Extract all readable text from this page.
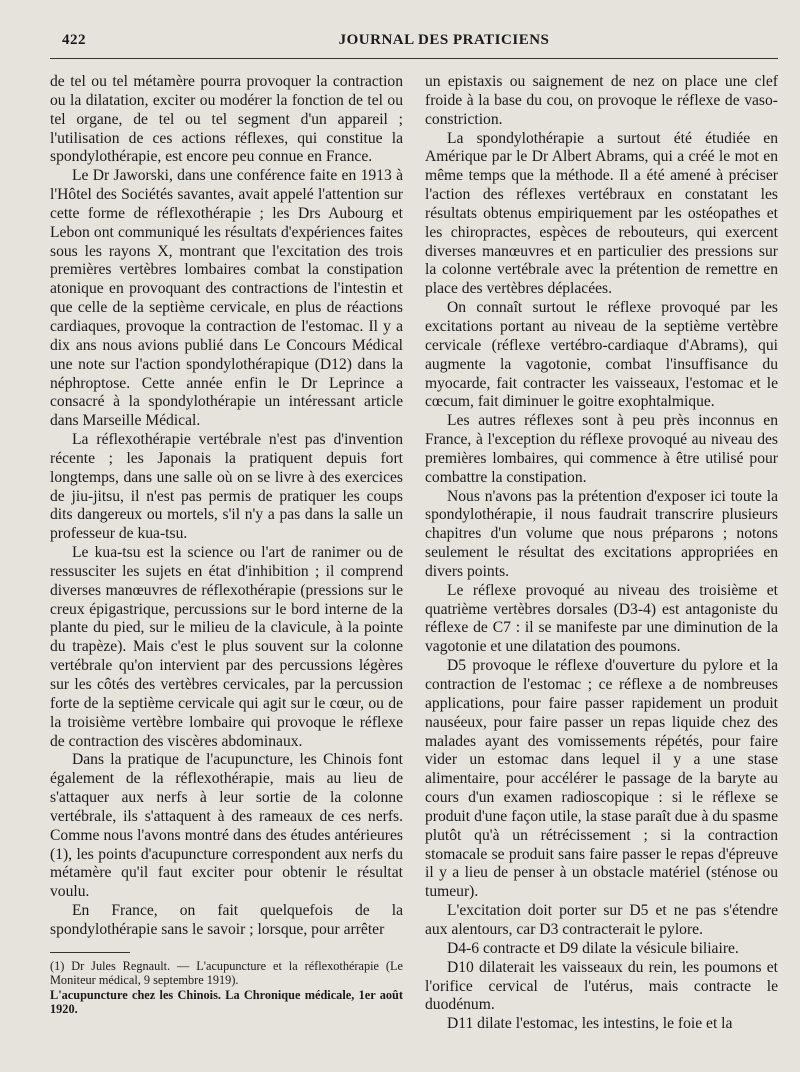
422	JOURNAL DES PRATICIENS

de tel ou tel métamère pourra provoquer la contraction ou la dilatation, exciter ou modérer la fonction de tel ou tel organe, de tel ou tel segment d'un appareil ; l'utilisation de ces actions réflexes, qui constitue la spondylothérapie, est encore peu connue en France.

Le Dr Jaworski, dans une conférence faite en 1913 à l'Hôtel des Sociétés savantes, avait appelé l'attention sur cette forme de réflexothérapie ; les Drs Aubourg et Lebon ont communiqué les résultats d'expériences faites sous les rayons X, montrant que l'excitation des trois premières vertèbres lombaires combat la constipation atonique en provoquant des contractions de l'intestin et que celle de la septième cervicale, en plus de réactions cardiaques, provoque la contraction de l'estomac. Il y a dix ans nous avions publié dans Le Concours Médical une note sur l'action spondylothérapique (D12) dans la néphroptose. Cette année enfin le Dr Leprince a consacré à la spondylothérapie un intéressant article dans Marseille Médical.

La réflexothérapie vertébrale n'est pas d'invention récente ; les Japonais la pratiquent depuis fort longtemps, dans une salle où on se livre à des exercices de jiu-jitsu, il n'est pas permis de pratiquer les coups dits dangereux ou mortels, s'il n'y a pas dans la salle un professeur de kua-tsu.

Le kua-tsu est la science ou l'art de ranimer ou de ressusciter les sujets en état d'inhibition ; il comprend diverses manœuvres de réflexothérapie (pressions sur le creux épigastrique, percussions sur le bord interne de la plante du pied, sur le milieu de la clavicule, à la pointe du trapèze). Mais c'est le plus souvent sur la colonne vertébrale qu'on intervient par des percussions légères sur les côtés des vertèbres cervicales, par la percussion forte de la septième cervicale qui agit sur le cœur, ou de la troisième vertèbre lombaire qui provoque le réflexe de contraction des viscères abdominaux.

Dans la pratique de l'acupuncture, les Chinois font également de la réflexothérapie, mais au lieu de s'attaquer aux nerfs à leur sortie de la colonne vertébrale, ils s'attaquent à des rameaux de ces nerfs. Comme nous l'avons montré dans des études antérieures (1), les points d'acupuncture correspondent aux nerfs du métamère qu'il faut exciter pour obtenir le résultat voulu.

En France, on fait quelquefois de la spondylothérapie sans le savoir ; lorsque, pour arrêter

(1) Dr Jules Regnault. — L'acupuncture et la réflexothérapie (Le Moniteur médical, 9 septembre 1919).

L'acupuncture chez les Chinois. La Chronique médicale, 1er août 1920.

un epistaxis ou saignement de nez on place une clef froide à la base du cou, on provoque le réflexe de vaso-constriction.

La spondylothérapie a surtout été étudiée en Amérique par le Dr Albert Abrams, qui a créé le mot en même temps que la méthode. Il a été amené à préciser l'action des réflexes vertébraux en constatant les résultats obtenus empiriquement par les ostéopathes et les chiropractes, espèces de rebouteurs, qui exercent diverses manœuvres et en particulier des pressions sur la colonne vertébrale avec la prétention de remettre en place des vertèbres déplacées.

On connaît surtout le réflexe provoqué par les excitations portant au niveau de la septième vertèbre cervicale (réflexe vertébro-cardiaque d'Abrams), qui augmente la vagotonie, combat l'insuffisance du myocarde, fait contracter les vaisseaux, l'estomac et le cœcum, fait diminuer le goitre exophtalmique.

Les autres réflexes sont à peu près inconnus en France, à l'exception du réflexe provoqué au niveau des premières lombaires, qui commence à être utilisé pour combattre la constipation.

Nous n'avons pas la prétention d'exposer ici toute la spondylothérapie, il nous faudrait transcrire plusieurs chapitres d'un volume que nous préparons ; notons seulement le résultat des excitations appropriées en divers points.

Le réflexe provoqué au niveau des troisième et quatrième vertèbres dorsales (D3-4) est antagoniste du réflexe de C7 : il se manifeste par une diminution de la vagotonie et une dilatation des poumons.

D5 provoque le réflexe d'ouverture du pylore et la contraction de l'estomac ; ce réflexe a de nombreuses applications, pour faire passer rapidement un produit nauséeux, pour faire passer un repas liquide chez des malades ayant des vomissements répétés, pour faire vider un estomac dans lequel il y a une stase alimentaire, pour accélérer le passage de la baryte au cours d'un examen radioscopique : si le réflexe se produit d'une façon utile, la stase paraît due à du spasme plutôt qu'à un rétrécissement ; si la contraction stomacale se produit sans faire passer le repas d'épreuve il y a lieu de penser à un obstacle matériel (sténose ou tumeur).

L'excitation doit porter sur D5 et ne pas s'étendre aux alentours, car D3 contracterait le pylore.

D4-6 contracte et D9 dilate la vésicule biliaire.

D10 dilaterait les vaisseaux du rein, les poumons et l'orifice cervical de l'utérus, mais contracte le duodénum.

D11 dilate l'estomac, les intestins, le foie et la
